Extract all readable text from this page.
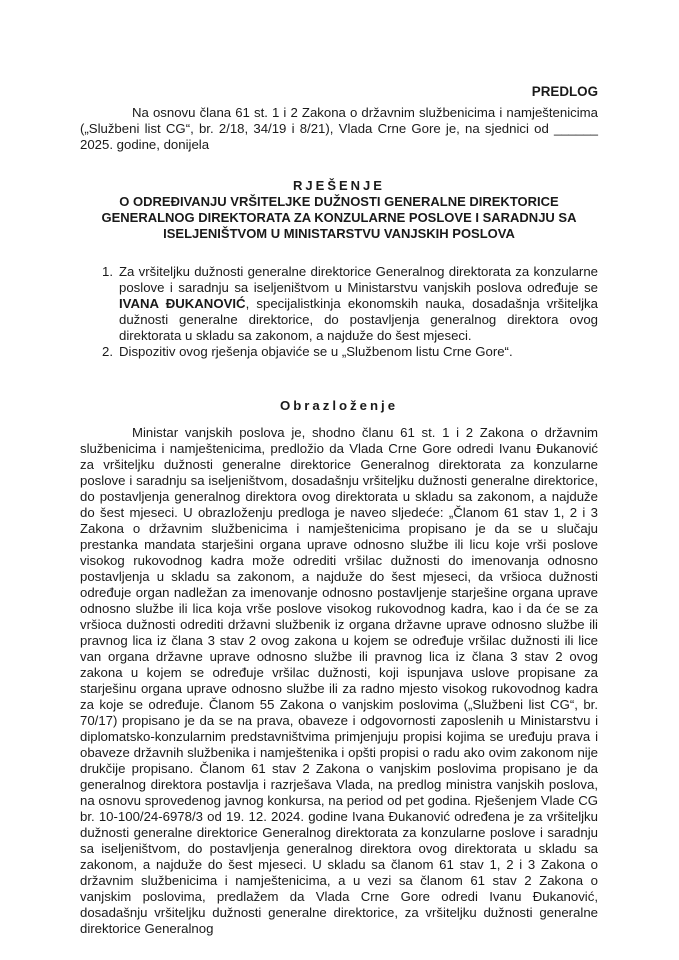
PREDLOG

Na osnovu člana 61 st. 1 i 2 Zakona o državnim službenicima i namještenicima („Službeni list CG“, br. 2/18, 34/19 i 8/21), Vlada Crne Gore je, na sjednici od ______ 2025. godine, donijela

RJEŠENJE
O ODREĐIVANJU VRŠITELJKE DUŽNOSTI GENERALNE DIREKTORICE
GENERALNOG DIREKTORATA ZA KONZULARNE POSLOVE I SARADNJU SA
ISELJENIŠTVOM U MINISTARSTVU VANJSKIH POSLOVA
1. Za vršiteljku dužnosti generalne direktorice Generalnog direktorata za konzularne poslove i saradnju sa iseljeništvom u Ministarstvu vanjskih poslova određuje se IVANA ĐUKANOVIĆ, specijalistkinja ekonomskih nauka, dosadašnja vršiteljka dužnosti generalne direktorice, do postavljenja generalnog direktora ovog direktorata u skladu sa zakonom, a najduže do šest mjeseci.
2. Dispozitiv ovog rješenja objaviće se u „Službenom listu Crne Gore“.
Obrazloženje

Ministar vanjskih poslova je, shodno članu 61 st. 1 i 2 Zakona o državnim službenicima i namještenicima, predložio da Vlada Crne Gore odredi Ivanu Đukanović za vršiteljku dužnosti generalne direktorice Generalnog direktorata za konzularne poslove i saradnju sa iseljeništvom, dosadašnju vršiteljku dužnosti generalne direktorice, do postavljenja generalnog direktora ovog direktorata u skladu sa zakonom, a najduže do šest mjeseci. U obrazloženju predloga je naveo sljedeće: „Članom 61 stav 1, 2 i 3 Zakona o državnim službenicima i namještenicima propisano je da se u slučaju prestanka mandata starješini organa uprave odnosno službe ili licu koje vrši poslove visokog rukovodnog kadra može odrediti vršilac dužnosti do imenovanja odnosno postavljenja u skladu sa zakonom, a najduže do šest mjeseci, da vršioca dužnosti određuje organ nadležan za imenovanje odnosno postavljenje starješine organa uprave odnosno službe ili lica koja vrše poslove visokog rukovodnog kadra, kao i da će se za vršioca dužnosti odrediti državni službenik iz organa državne uprave odnosno službe ili pravnog lica iz člana 3 stav 2 ovog zakona u kojem se određuje vršilac dužnosti ili lice van organa državne uprave odnosno službe ili pravnog lica iz člana 3 stav 2 ovog zakona u kojem se određuje vršilac dužnosti, koji ispunjava uslove propisane za starješinu organa uprave odnosno službe ili za radno mjesto visokog rukovodnog kadra za koje se određuje. Članom 55 Zakona o vanjskim poslovima („Službeni list CG“, br. 70/17) propisano je da se na prava, obaveze i odgovornosti zaposlenih u Ministarstvu i diplomatsko-konzularnim predstavništvima primjenjuju propisi kojima se uređuju prava i obaveze državnih službenika i namještenika i opšti propisi o radu ako ovim zakonom nije drukčije propisano. Članom 61 stav 2 Zakona o vanjskim poslovima propisano je da generalnog direktora postavlja i razrješava Vlada, na predlog ministra vanjskih poslova, na osnovu sprovedenog javnog konkursa, na period od pet godina. Rješenjem Vlade CG br. 10-100/24-6978/3 od 19. 12. 2024. godine Ivana Đukanović određena je za vršiteljku dužnosti generalne direktorice Generalnog direktorata za konzularne poslove i saradnju sa iseljeništvom, do postavljenja generalnog direktora ovog direktorata u skladu sa zakonom, a najduže do šest mjeseci. U skladu sa članom 61 stav 1, 2 i 3 Zakona o državnim službenicima i namještenicima, a u vezi sa članom 61 stav 2 Zakona o vanjskim poslovima, predlažem da Vlada Crne Gore odredi Ivanu Đukanović, dosadašnju vršiteljku dužnosti generalne direktorice, za vršiteljku dužnosti generalne direktorice Generalnog
